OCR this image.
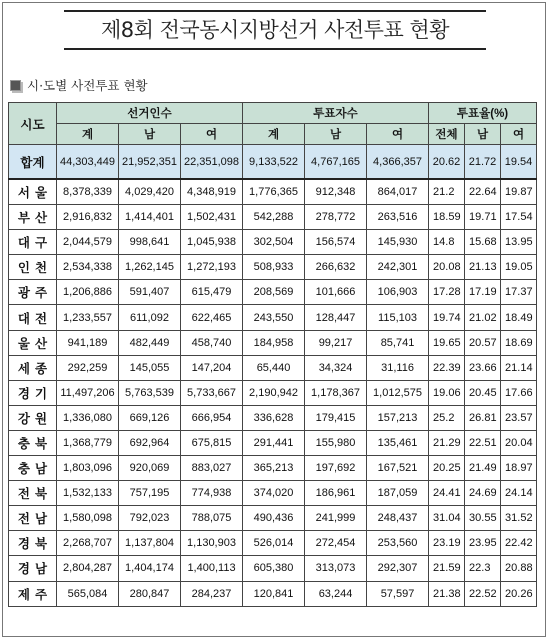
제8회 전국동시지방선거 사전투표 현황
시·도별 사전투표 현황
시도	선거인수			투표자수			투표율(%)		
	계	남	여	계	남	여	전체	남	여
합계	44,303,449	21,952,351	22,351,098	9,133,522	4,767,165	4,366,357	20.62	21.72	19.54
서울	8,378,339	4,029,420	4,348,919	1,776,365	912,348	864,017	21.2	22.64	19.87
부산	2,916,832	1,414,401	1,502,431	542,288	278,772	263,516	18.59	19.71	17.54
대구	2,044,579	998,641	1,045,938	302,504	156,574	145,930	14.8	15.68	13.95
인천	2,534,338	1,262,145	1,272,193	508,933	266,632	242,301	20.08	21.13	19.05
광주	1,206,886	591,407	615,479	208,569	101,666	106,903	17.28	17.19	17.37
대전	1,233,557	611,092	622,465	243,550	128,447	115,103	19.74	21.02	18.49
울산	941,189	482,449	458,740	184,958	99,217	85,741	19.65	20.57	18.69
세종	292,259	145,055	147,204	65,440	34,324	31,116	22.39	23.66	21.14
경기	11,497,206	5,763,539	5,733,667	2,190,942	1,178,367	1,012,575	19.06	20.45	17.66
강원	1,336,080	669,126	666,954	336,628	179,415	157,213	25.2	26.81	23.57
충북	1,368,779	692,964	675,815	291,441	155,980	135,461	21.29	22.51	20.04
충남	1,803,096	920,069	883,027	365,213	197,692	167,521	20.25	21.49	18.97
전북	1,532,133	757,195	774,938	374,020	186,961	187,059	24.41	24.69	24.14
전남	1,580,098	792,023	788,075	490,436	241,999	248,437	31.04	30.55	31.52
경북	2,268,707	1,137,804	1,130,903	526,014	272,454	253,560	23.19	23.95	22.42
경남	2,804,287	1,404,174	1,400,113	605,380	313,073	292,307	21.59	22.3	20.88
제주	565,084	280,847	284,237	120,841	63,244	57,597	21.38	22.52	20.26
